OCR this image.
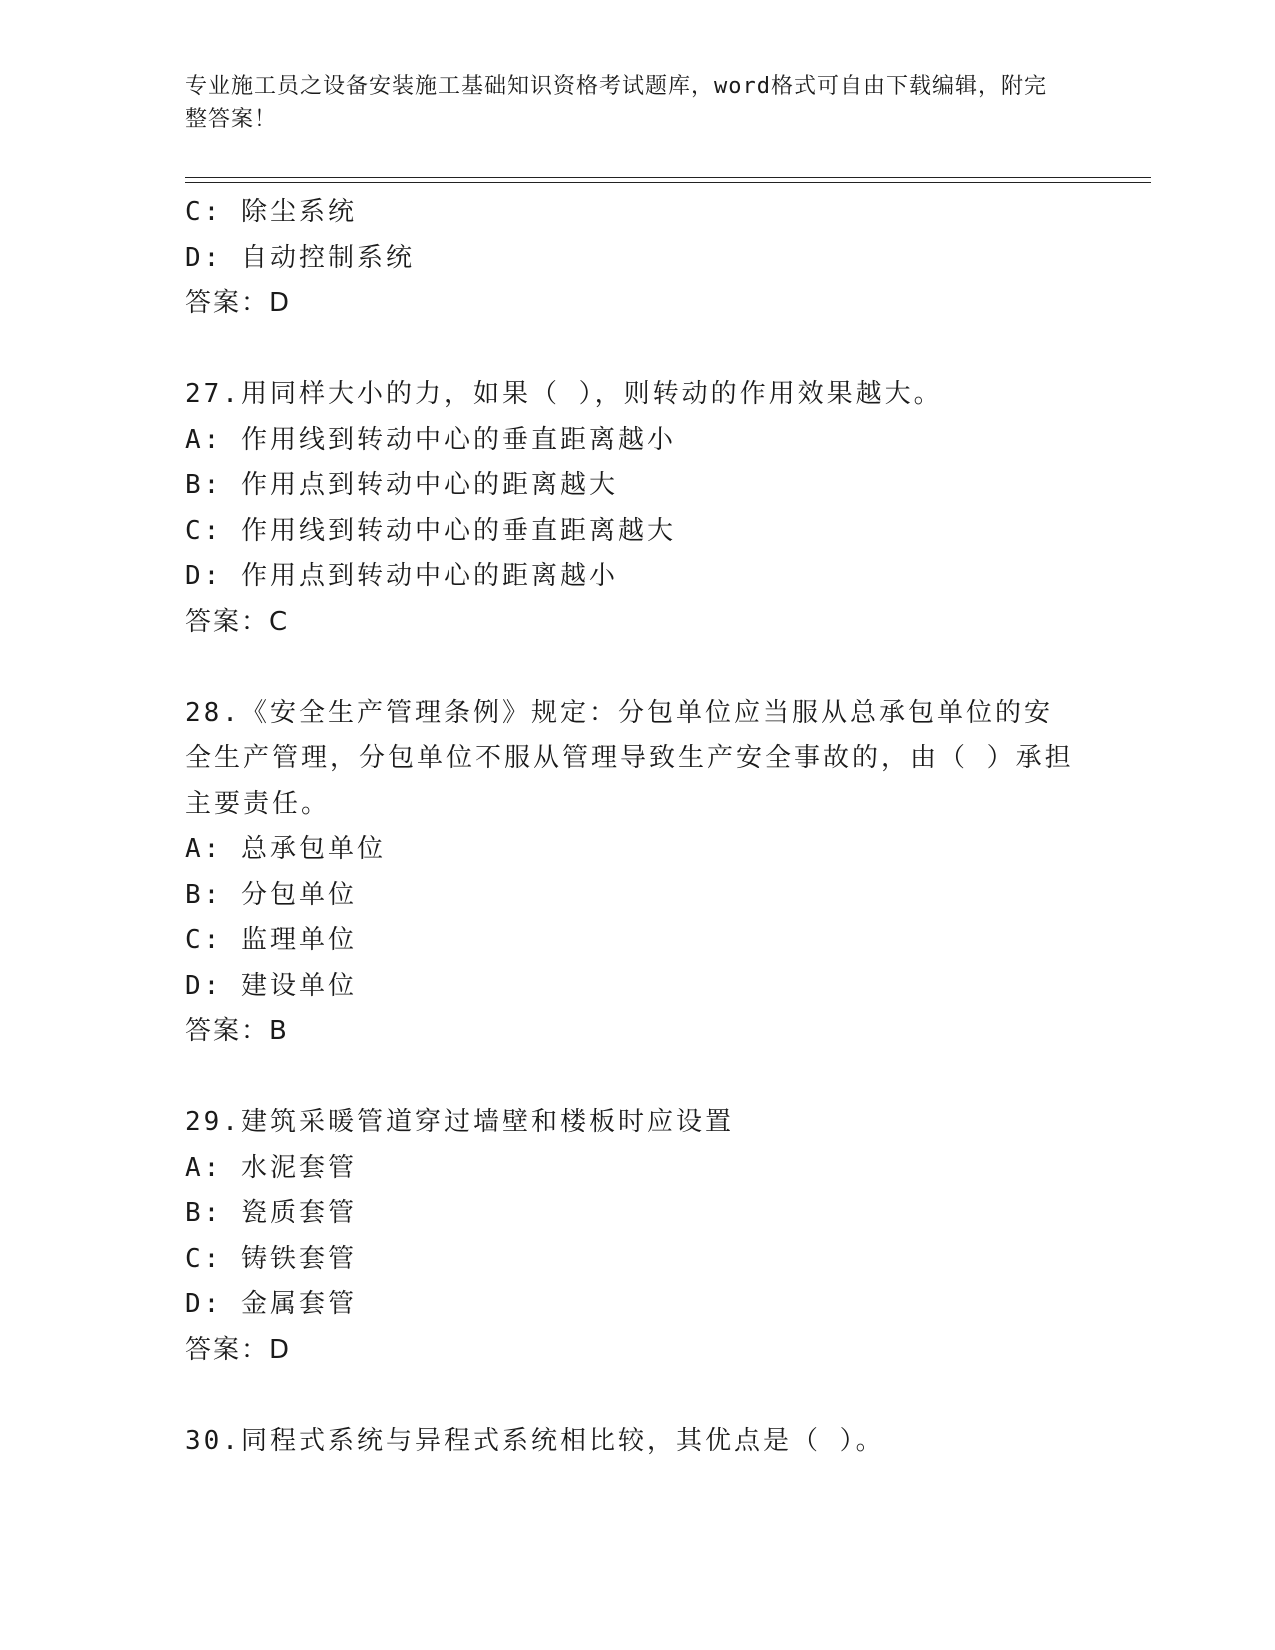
专业施工员之设备安装施工基础知识资格考试题库，word格式可自由下载编辑，附完整答案！
C: 除尘系统
D: 自动控制系统
答案：D
27.用同样大小的力，如果（ ），则转动的作用效果越大。
A: 作用线到转动中心的垂直距离越小
B: 作用点到转动中心的距离越大
C: 作用线到转动中心的垂直距离越大
D: 作用点到转动中心的距离越小
答案：C
28.《安全生产管理条例》规定：分包单位应当服从总承包单位的安全生产管理，分包单位不服从管理导致生产安全事故的，由（ ）承担主要责任。
A: 总承包单位
B: 分包单位
C: 监理单位
D: 建设单位
答案：B
29.建筑采暖管道穿过墙壁和楼板时应设置
A: 水泥套管
B: 瓷质套管
C: 铸铁套管
D: 金属套管
答案：D
30.同程式系统与异程式系统相比较，其优点是（ ）。
